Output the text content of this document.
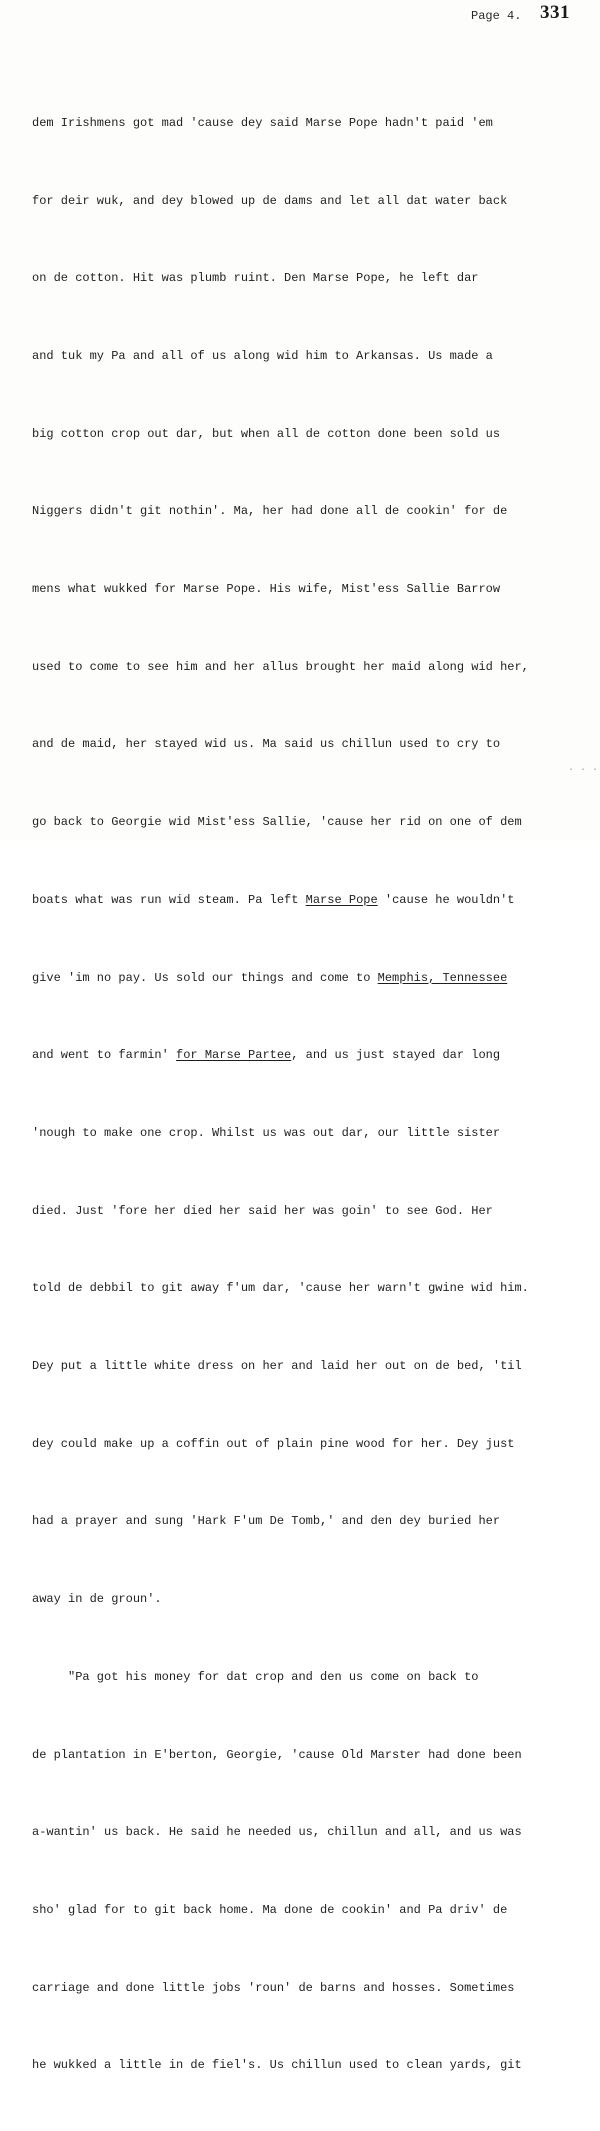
Page 4. 331

dem Irishmens got mad 'cause dey said Marse Pope hadn't paid 'em

for deir wuk, and dey blowed up de dams and let all dat water back

on de cotton. Hit was plumb ruint. Den Marse Pope, he left dar

and tuk my Pa and all of us along wid him to Arkansas. Us made a

big cotton crop out dar, but when all de cotton done been sold us

Niggers didn't git nothin'. Ma, her had done all de cookin' for de

mens what wukked for Marse Pope. His wife, Mist'ess Sallie Barrow

used to come to see him and her allus brought her maid along wid her,

and de maid, her stayed wid us. Ma said us chillun used to cry to

go back to Georgie wid Mist'ess Sallie, 'cause her rid on one of dem

boats what was run wid steam. Pa left Marse Pope 'cause he wouldn't

give 'im no pay. Us sold our things and come to Memphis, Tennessee

and went to farmin' for Marse Partee, and us just stayed dar long

'nough to make one crop. Whilst us was out dar, our little sister

died. Just 'fore her died her said her was goin' to see God. Her

told de debbil to git away f'um dar, 'cause her warn't gwine wid him.

Dey put a little white dress on her and laid her out on de bed, 'til

dey could make up a coffin out of plain pine wood for her. Dey just

had a prayer and sung 'Hark F'um De Tomb,' and den dey buried her

away in de groun'.

"Pa got his money for dat crop and den us come on back to

de plantation in E'berton, Georgie, 'cause Old Marster had done been

a-wantin' us back. He said he needed us, chillun and all, and us was

sho' glad for to git back home. Ma done de cookin' and Pa driv' de

carriage and done little jobs 'roun' de barns and hosses. Sometimes

he wukked a little in de fiel's. Us chillun used to clean yards, git

· · ·
